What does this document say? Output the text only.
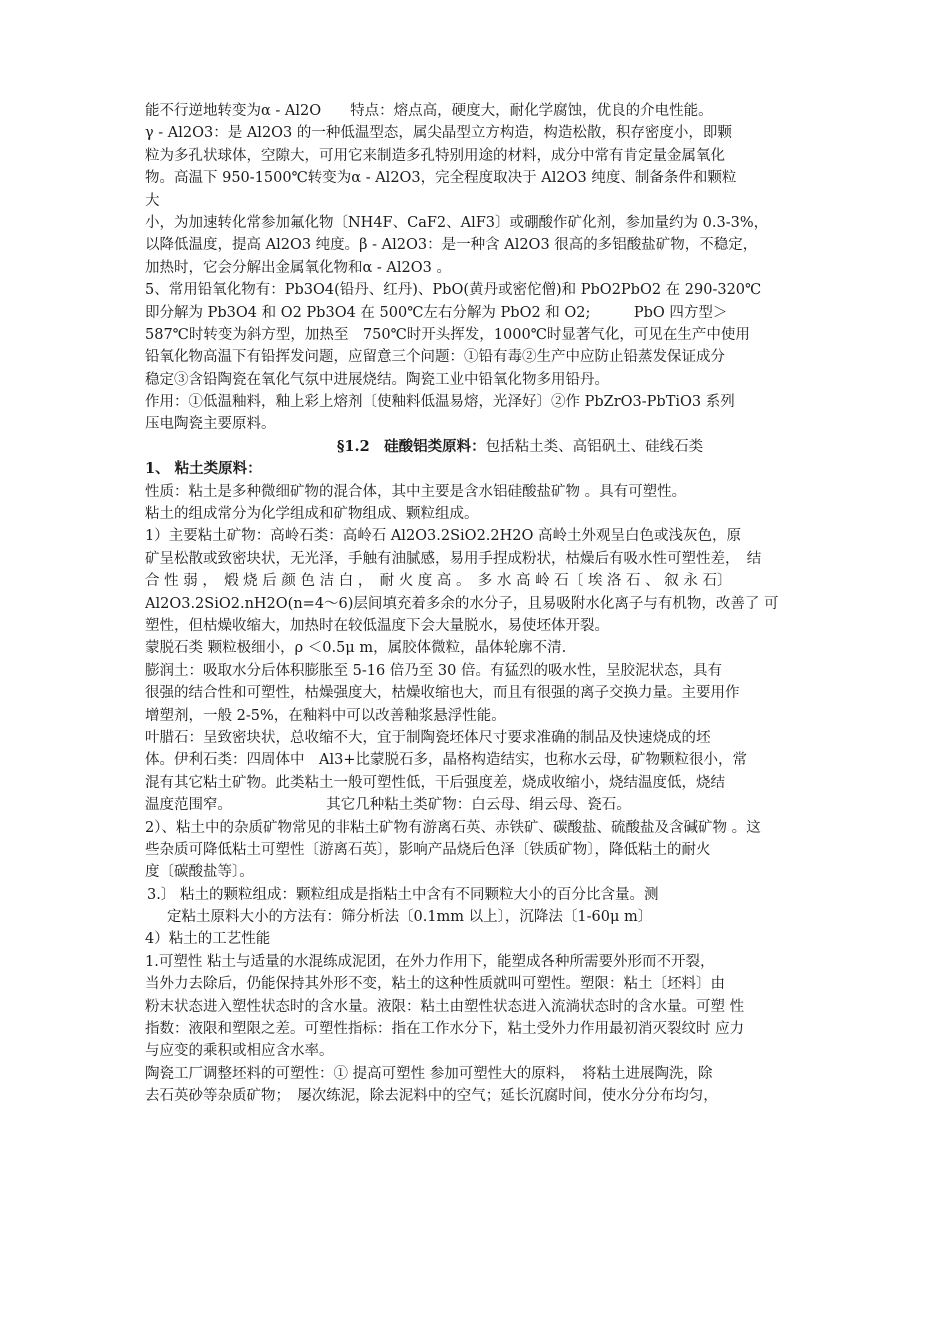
能不行逆地转变为α - Al2O　　特点：熔点高，硬度大，耐化学腐蚀，优良的介电性能。
γ - Al2O3：是 Al2O3 的一种低温型态，属尖晶型立方构造，构造松散，积存密度小，即颗
粒为多孔状球体，空隙大，可用它来制造多孔特别用途的材料，成分中常有肯定量金属氧化
物。高温下 950-1500℃转变为α - Al2O3，完全程度取决于 Al2O3 纯度、制备条件和颗粒
大
小，为加速转化常参加氟化物〔NH4F、CaF2、AlF3〕或硼酸作矿化剂，参加量约为 0.3-3%，
以降低温度，提高 Al2O3 纯度。β - Al2O3：是一种含 Al2O3 很高的多铝酸盐矿物，不稳定，
加热时，它会分解出金属氧化物和α - Al2O3 。
5、常用铅氧化物有：Pb3O4(铅丹、红丹)、PbO(黄丹或密佗僧)和 PbO2PbO2 在 290-320℃
即分解为 Pb3O4 和 O2 Pb3O4 在 500℃左右分解为 PbO2 和 O2;　　　PbO 四方型＞
587℃时转变为斜方型，加热至　750℃时开头挥发，1000℃时显著气化，可见在生产中使用
铅氧化物高温下有铅挥发问题，应留意三个问题：①铅有毒②生产中应防止铅蒸发保证成分
稳定③含铅陶瓷在氧化气氛中进展烧结。陶瓷工业中铅氧化物多用铅丹。
作用：①低温釉料，釉上彩上熔剂〔使釉料低温易熔，光泽好〕②作 PbZrO3-PbTiO3 系列
压电陶瓷主要原料。
§1.2　硅酸铝类原料：包括粘土类、高铝矾土、硅线石类
1、 粘土类原料：
性质：粘土是多种微细矿物的混合体，其中主要是含水铝硅酸盐矿物 。具有可塑性。
粘土的组成常分为化学组成和矿物组成、颗粒组成。
1）主要粘土矿物：高岭石类：高岭石 Al2O3.2SiO2.2H2O 高岭土外观呈白色或浅灰色，原
矿呈松散或致密块状，无光泽，手触有油腻感，易用手捏成粉状，枯燥后有吸水性可塑性差，　结
合 性 弱 ，　煅 烧 后 颜 色 洁 白 ，　耐 火 度 高 。　多 水 高 岭 石〔 埃 洛 石 、 叙 永 石〕
Al2O3.2SiO2.nH2O(n=4～6)层间填充着多余的水分子，且易吸附水化离子与有机物，改善了 可
塑性，但枯燥收缩大，加热时在较低温度下会大量脱水，易使坯体开裂。
蒙脱石类 颗粒极细小，ρ ＜0.5μ m，属胶体微粒，晶体轮廓不清.
膨润土：吸取水分后体积膨胀至 5-16 倍乃至 30 倍。有猛烈的吸水性，呈胶泥状态，具有
很强的结合性和可塑性，枯燥强度大，枯燥收缩也大，而且有很强的离子交换力量。主要用作
增塑剂，一般 2-5%，在釉料中可以改善釉浆悬浮性能。
叶腊石：呈致密块状，总收缩不大，宜于制陶瓷坯体尺寸要求准确的制品及快速烧成的坯
体。伊利石类：四周体中　Al3+比蒙脱石多，晶格构造结实，也称水云母，矿物颗粒很小，常
混有其它粘土矿物。此类粘土一般可塑性低，干后强度差，烧成收缩小，烧结温度低，烧结
温度范围窄。　　　　　　　其它几种粘土类矿物：白云母、绢云母、瓷石。
2）、粘土中的杂质矿物常见的非粘土矿物有游离石英、赤铁矿、碳酸盐、硫酸盐及含碱矿物 。这
些杂质可降低粘土可塑性〔游离石英〕，影响产品烧后色泽〔铁质矿物〕，降低粘土的耐火
度〔碳酸盐等〕。
3.〕 粘土的颗粒组成：颗粒组成是指粘土中含有不同颗粒大小的百分比含量。测
定粘土原料大小的方法有：筛分析法〔0.1mm 以上〕，沉降法〔1-60μ m〕
4）粘土的工艺性能
1.可塑性 粘土与适量的水混练成泥团，在外力作用下，能塑成各种所需要外形而不开裂，
当外力去除后，仍能保持其外形不变，粘土的这种性质就叫可塑性。塑限：粘土〔坯料〕由
粉末状态进入塑性状态时的含水量。液限：粘土由塑性状态进入流淌状态时的含水量。可塑 性
指数：液限和塑限之差。可塑性指标：指在工作水分下，粘土受外力作用最初消灭裂纹时 应力
与应变的乘积或相应含水率。
陶瓷工厂调整坯料的可塑性：① 提高可塑性 参加可塑性大的原料，　将粘土进展陶洗，除
去石英砂等杂质矿物；　屡次练泥，除去泥料中的空气；延长沉腐时间，使水分分布均匀，
